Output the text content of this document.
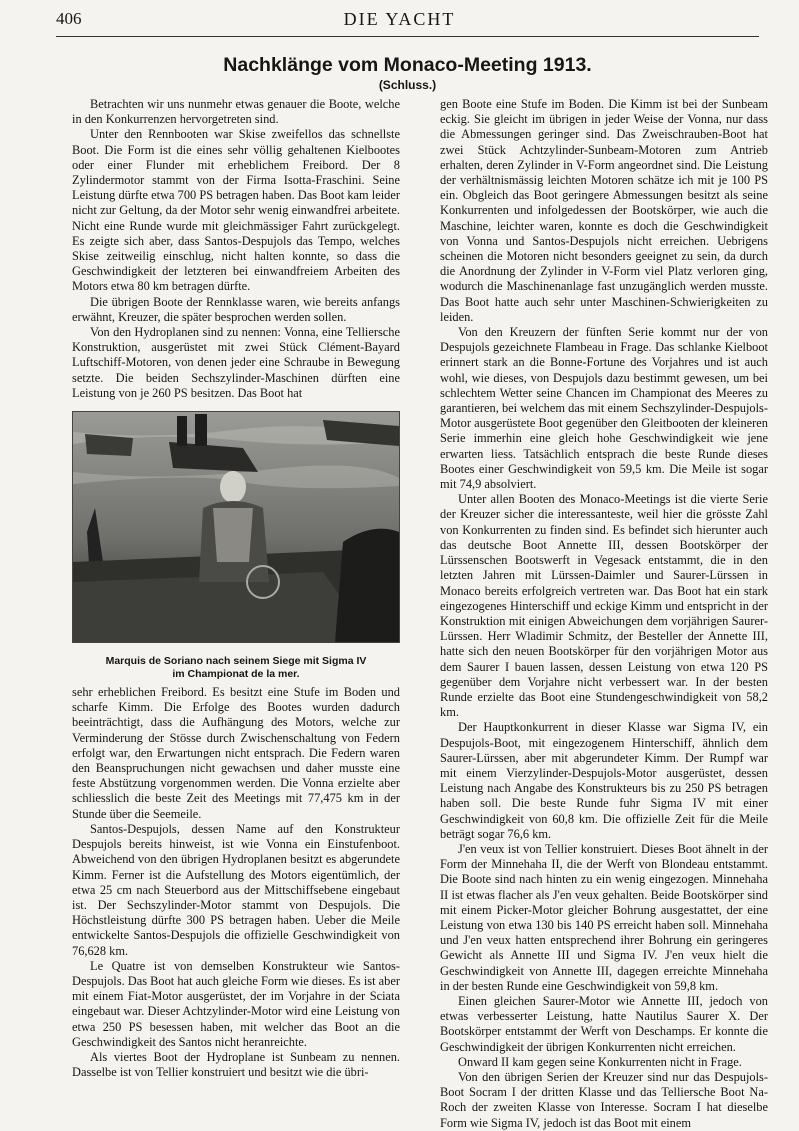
406	DIE YACHT
Nachklänge vom Monaco-Meeting 1913.
(Schluss.)

Betrachten wir uns nunmehr etwas genauer die Boote, welche in den Konkurrenzen hervorgetreten sind.

Unter den Rennbooten war Skise zweifellos das schnellste Boot. Die Form ist die eines sehr völlig gehaltenen Kielbootes oder einer Flunder mit erheblichem Freibord. Der 8 Zylindermotor stammt von der Firma Isotta-Fraschini. Seine Leistung dürfte etwa 700 PS betragen haben. Das Boot kam leider nicht zur Geltung, da der Motor sehr wenig einwandfrei arbeitete. Nicht eine Runde wurde mit gleichmässiger Fahrt zurückgelegt. Es zeigte sich aber, dass Santos-Despujols das Tempo, welches Skise zeitweilig einschlug, nicht halten konnte, so dass die Geschwindigkeit der letzteren bei einwandfreiem Arbeiten des Motors etwa 80 km betragen dürfte.

Die übrigen Boote der Rennklasse waren, wie bereits anfangs erwähnt, Kreuzer, die später besprochen werden sollen.

Von den Hydroplanen sind zu nennen: Vonna, eine Telliersche Konstruktion, ausgerüstet mit zwei Stück Clément-Bayard Luftschiff-Motoren, von denen jeder eine Schraube in Bewegung setzte. Die beiden Sechszylinder-Maschinen dürften eine Leistung von je 260 PS besitzen. Das Boot hat

Marquis de Soriano nach seinem Siege mit Sigma IV
im Championat de la mer.

sehr erheblichen Freibord. Es besitzt eine Stufe im Boden und scharfe Kimm. Die Erfolge des Bootes wurden dadurch beeinträchtigt, dass die Aufhängung des Motors, welche zur Verminderung der Stösse durch Zwischenschaltung von Federn erfolgt war, den Erwartungen nicht entsprach. Die Federn waren den Beanspruchungen nicht gewachsen und daher musste eine feste Abstützung vorgenommen werden. Die Vonna erzielte aber schliesslich die beste Zeit des Meetings mit 77,475 km in der Stunde über die Seemeile.

Santos-Despujols, dessen Name auf den Konstrukteur Despujols bereits hinweist, ist wie Vonna ein Einstufenboot. Abweichend von den übrigen Hydroplanen besitzt es abgerundete Kimm. Ferner ist die Aufstellung des Motors eigentümlich, der etwa 25 cm nach Steuerbord aus der Mittschiffsebene eingebaut ist. Der Sechszylinder-Motor stammt von Despujols. Die Höchstleistung dürfte 300 PS betragen haben. Ueber die Meile entwickelte Santos-Despujols die offizielle Geschwindigkeit von 76,628 km.

Le Quatre ist von demselben Konstrukteur wie Santos-Despujols. Das Boot hat auch gleiche Form wie dieses. Es ist aber mit einem Fiat-Motor ausgerüstet, der im Vorjahre in der Sciata eingebaut war. Dieser Achtzylinder-Motor wird eine Leistung von etwa 250 PS besessen haben, mit welcher das Boot an die Geschwindigkeit des Santos nicht heranreichte.

Als viertes Boot der Hydroplane ist Sunbeam zu nennen. Dasselbe ist von Tellier konstruiert und besitzt wie die übri-

gen Boote eine Stufe im Boden. Die Kimm ist bei der Sunbeam eckig. Sie gleicht im übrigen in jeder Weise der Vonna, nur dass die Abmessungen geringer sind. Das Zweischrauben-Boot hat zwei Stück Achtzylinder-Sunbeam-Motoren zum Antrieb erhalten, deren Zylinder in V-Form angeordnet sind. Die Leistung der verhältnismässig leichten Motoren schätze ich mit je 100 PS ein. Obgleich das Boot geringere Abmessungen besitzt als seine Konkurrenten und infolgedessen der Bootskörper, wie auch die Maschine, leichter waren, konnte es doch die Geschwindigkeit von Vonna und Santos-Despujols nicht erreichen. Uebrigens scheinen die Motoren nicht besonders geeignet zu sein, da durch die Anordnung der Zylinder in V-Form viel Platz verloren ging, wodurch die Maschinenanlage fast unzugänglich werden musste. Das Boot hatte auch sehr unter Maschinen-Schwierigkeiten zu leiden.

Von den Kreuzern der fünften Serie kommt nur der von Despujols gezeichnete Flambeau in Frage. Das schlanke Kielboot erinnert stark an die Bonne-Fortune des Vorjahres und ist auch wohl, wie dieses, von Despujols dazu bestimmt gewesen, um bei schlechtem Wetter seine Chancen im Championat des Meeres zu garantieren, bei welchem das mit einem Sechszylinder-Despujols-Motor ausgerüstete Boot gegenüber den Gleitbooten der kleineren Serie immerhin eine gleich hohe Geschwindigkeit wie jene erwarten liess. Tatsächlich entsprach die beste Runde dieses Bootes einer Geschwindigkeit von 59,5 km. Die Meile ist sogar mit 74,9 absolviert.

Unter allen Booten des Monaco-Meetings ist die vierte Serie der Kreuzer sicher die interessanteste, weil hier die grösste Zahl von Konkurrenten zu finden sind. Es befindet sich hierunter auch das deutsche Boot Annette III, dessen Bootskörper der Lürssenschen Bootswerft in Vegesack entstammt, die in den letzten Jahren mit Lürssen-Daimler und Saurer-Lürssen in Monaco bereits erfolgreich vertreten war. Das Boot hat ein stark eingezogenes Hinterschiff und eckige Kimm und entspricht in der Konstruktion mit einigen Abweichungen dem vorjährigen Saurer-Lürssen. Herr Wladimir Schmitz, der Besteller der Annette III, hatte sich den neuen Bootskörper für den vorjährigen Motor aus dem Saurer I bauen lassen, dessen Leistung von etwa 120 PS gegenüber dem Vorjahre nicht verbessert war. In der besten Runde erzielte das Boot eine Stundengeschwindigkeit von 58,2 km.

Der Hauptkonkurrent in dieser Klasse war Sigma IV, ein Despujols-Boot, mit eingezogenem Hinterschiff, ähnlich dem Saurer-Lürssen, aber mit abgerundeter Kimm. Der Rumpf war mit einem Vierzylinder-Despujols-Motor ausgerüstet, dessen Leistung nach Angabe des Konstrukteurs bis zu 250 PS betragen haben soll. Die beste Runde fuhr Sigma IV mit einer Geschwindigkeit von 60,8 km. Die offizielle Zeit für die Meile beträgt sogar 76,6 km.

J'en veux ist von Tellier konstruiert. Dieses Boot ähnelt in der Form der Minnehaha II, die der Werft von Blondeau entstammt. Die Boote sind nach hinten zu ein wenig eingezogen. Minnehaha II ist etwas flacher als J'en veux gehalten. Beide Bootskörper sind mit einem Picker-Motor gleicher Bohrung ausgestattet, der eine Leistung von etwa 130 bis 140 PS erreicht haben soll. Minnehaha und J'en veux hatten entsprechend ihrer Bohrung ein geringeres Gewicht als Annette III und Sigma IV. J'en veux hielt die Geschwindigkeit von Annette III, dagegen erreichte Minnehaha in der besten Runde eine Geschwindigkeit von 59,8 km.

Einen gleichen Saurer-Motor wie Annette III, jedoch von etwas verbesserter Leistung, hatte Nautilus Saurer X. Der Bootskörper entstammt der Werft von Deschamps. Er konnte die Geschwindigkeit der übrigen Konkurrenten nicht erreichen.

Onward II kam gegen seine Konkurrenten nicht in Frage.

Von den übrigen Serien der Kreuzer sind nur das Despujols-Boot Socram I der dritten Klasse und das Telliersche Boot Na-Roch der zweiten Klasse von Interesse. Socram I hat dieselbe Form wie Sigma IV, jedoch ist das Boot mit einem
